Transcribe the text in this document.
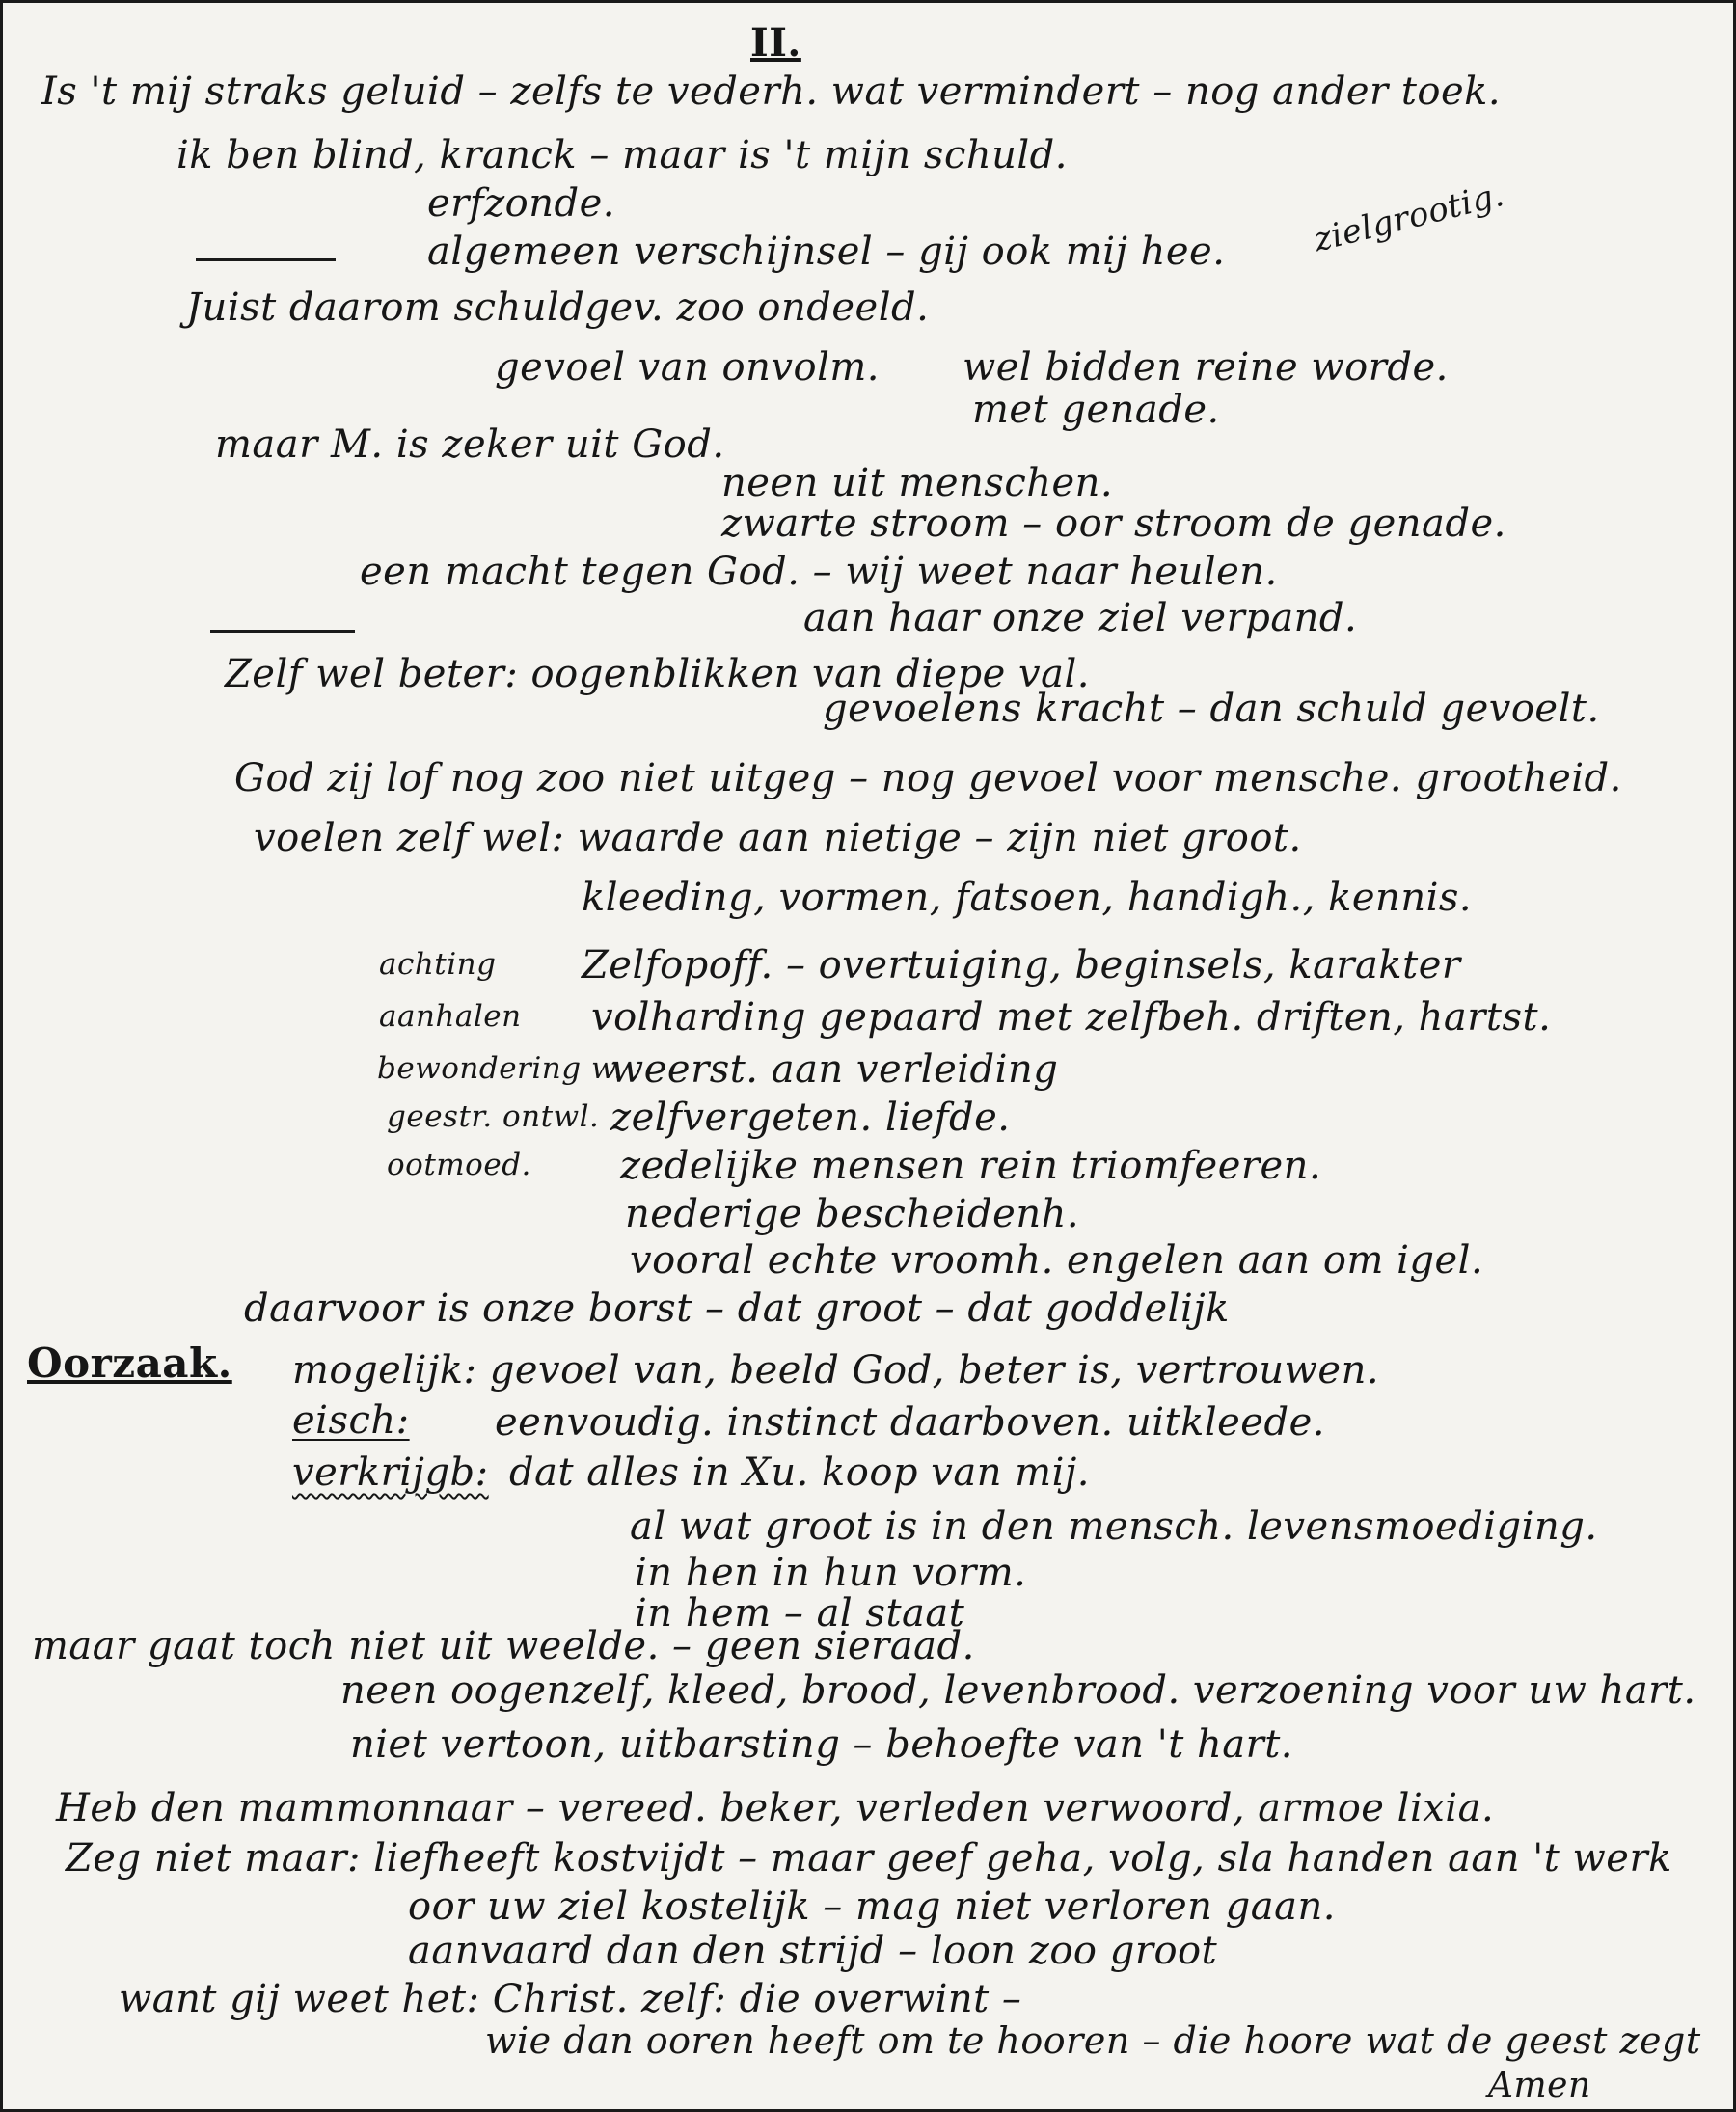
II.
Is 't mij straks geluid – zelfs te vederh. wat vermindert – nog ander toek.
ik ben blind, kranck – maar is 't mijn schuld.
erfzonde.
algemeen verschijnsel – gij ook mij hee.	zielgrootig.
Juist daarom schuldgev. zoo ondeeld.
gevoel van onvolm. wel bidden reine worde.
met genade.
maar M. is zeker uit God.
neen uit menschen.
zwarte stroom – oor stroom de genade.
een macht tegen God. – wij weet naar heulen.
aan haar onze ziel verpand.
Zelf wel beter: oogenblikken van diepe val.
gevoelens kracht – dan schuld gevoelt.
God zij lof nog zoo niet uitgeg – nog gevoel voor mensche. grootheid.
voelen zelf wel: waarde aan nietige – zijn niet groot.
kleeding, vormen, fatsoen, handigh., kennis.
achting Zelfopoff. – overtuiging, beginsels, karakter
aanhalen volharding gepaard met zelfbeh. driften, hartst.
bewondering w.
weerst. aan verleiding
geestr. ontwl. zelfvergeten. liefde.
ootmoed. zedelijke mensen rein triomfeeren.
nederige bescheidenh.
vooral echte vroomh. engelen aan om igel.
daarvoor is onze borst – dat groot – dat goddelijk
Oorzaak. mogelijk: gevoel van, beeld God, beter is, vertrouwen.
eisch: eenvoudig. instinct daarboven. uitkleede.
verkrijgb: dat alles in Xu. koop van mij.
al wat groot is in den mensch. levensmoediging.
in hen in hun vorm.
in hem – al staat
maar gaat toch niet uit weelde. – geen sieraad.
neen oogenzelf, kleed, brood, levenbrood. verzoening voor uw hart.
niet vertoon, uitbarsting – behoefte van 't hart.
Heb den mammonnaar – vereed. beker, verleden verwoord, armoe lixia.
Zeg niet maar: liefheeft kostvijdt – maar geef geha, volg, sla handen aan 't werk
oor uw ziel kostelijk – mag niet verloren gaan.
aanvaard dan den strijd – loon zoo groot
want gij weet het: Christ. zelf: die overwint –
wie dan ooren heeft om te hooren – die hoore wat de geest zegt
Amen
